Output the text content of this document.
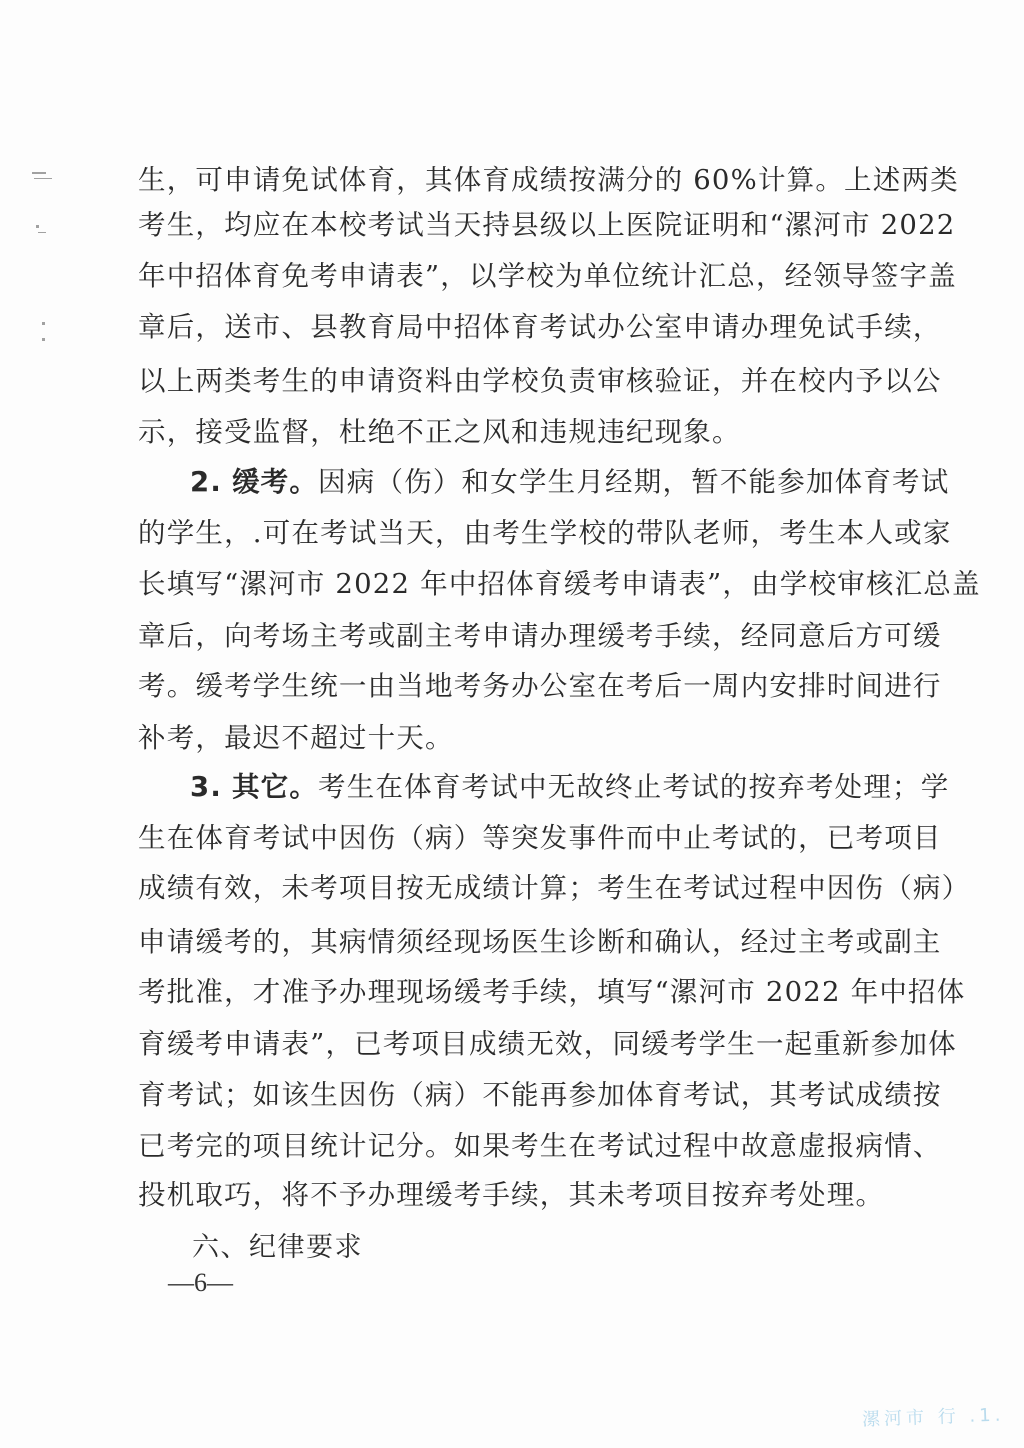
生，可申请免试体育，其体育成绩按满分的 60%计算。上述两类
考生，均应在本校考试当天持县级以上医院证明和“漯河市 2022
年中招体育免考申请表”，以学校为单位统计汇总，经领导签字盖
章后，送市、县教育局中招体育考试办公室申请办理免试手续，
以上两类考生的申请资料由学校负责审核验证，并在校内予以公
示，接受监督，杜绝不正之风和违规违纪现象。
2. 缓考。因病（伤）和女学生月经期，暂不能参加体育考试
的学生，.可在考试当天，由考生学校的带队老师，考生本人或家
长填写“漯河市 2022 年中招体育缓考申请表”，由学校审核汇总盖
章后，向考场主考或副主考申请办理缓考手续，经同意后方可缓
考。缓考学生统一由当地考务办公室在考后一周内安排时间进行
补考，最迟不超过十天。
3. 其它。考生在体育考试中无故终止考试的按弃考处理；学
生在体育考试中因伤（病）等突发事件而中止考试的，已考项目
成绩有效，未考项目按无成绩计算；考生在考试过程中因伤（病）
申请缓考的，其病情须经现场医生诊断和确认，经过主考或副主
考批准，才准予办理现场缓考手续，填写“漯河市 2022 年中招体
育缓考申请表”，已考项目成绩无效，同缓考学生一起重新参加体
育考试；如该生因伤（病）不能再参加体育考试，其考试成绩按
已考完的项目统计记分。如果考生在考试过程中故意虚报病情、
投机取巧，将不予办理缓考手续，其未考项目按弃考处理。
六、纪律要求
—6—
漯河市 行 .1.
